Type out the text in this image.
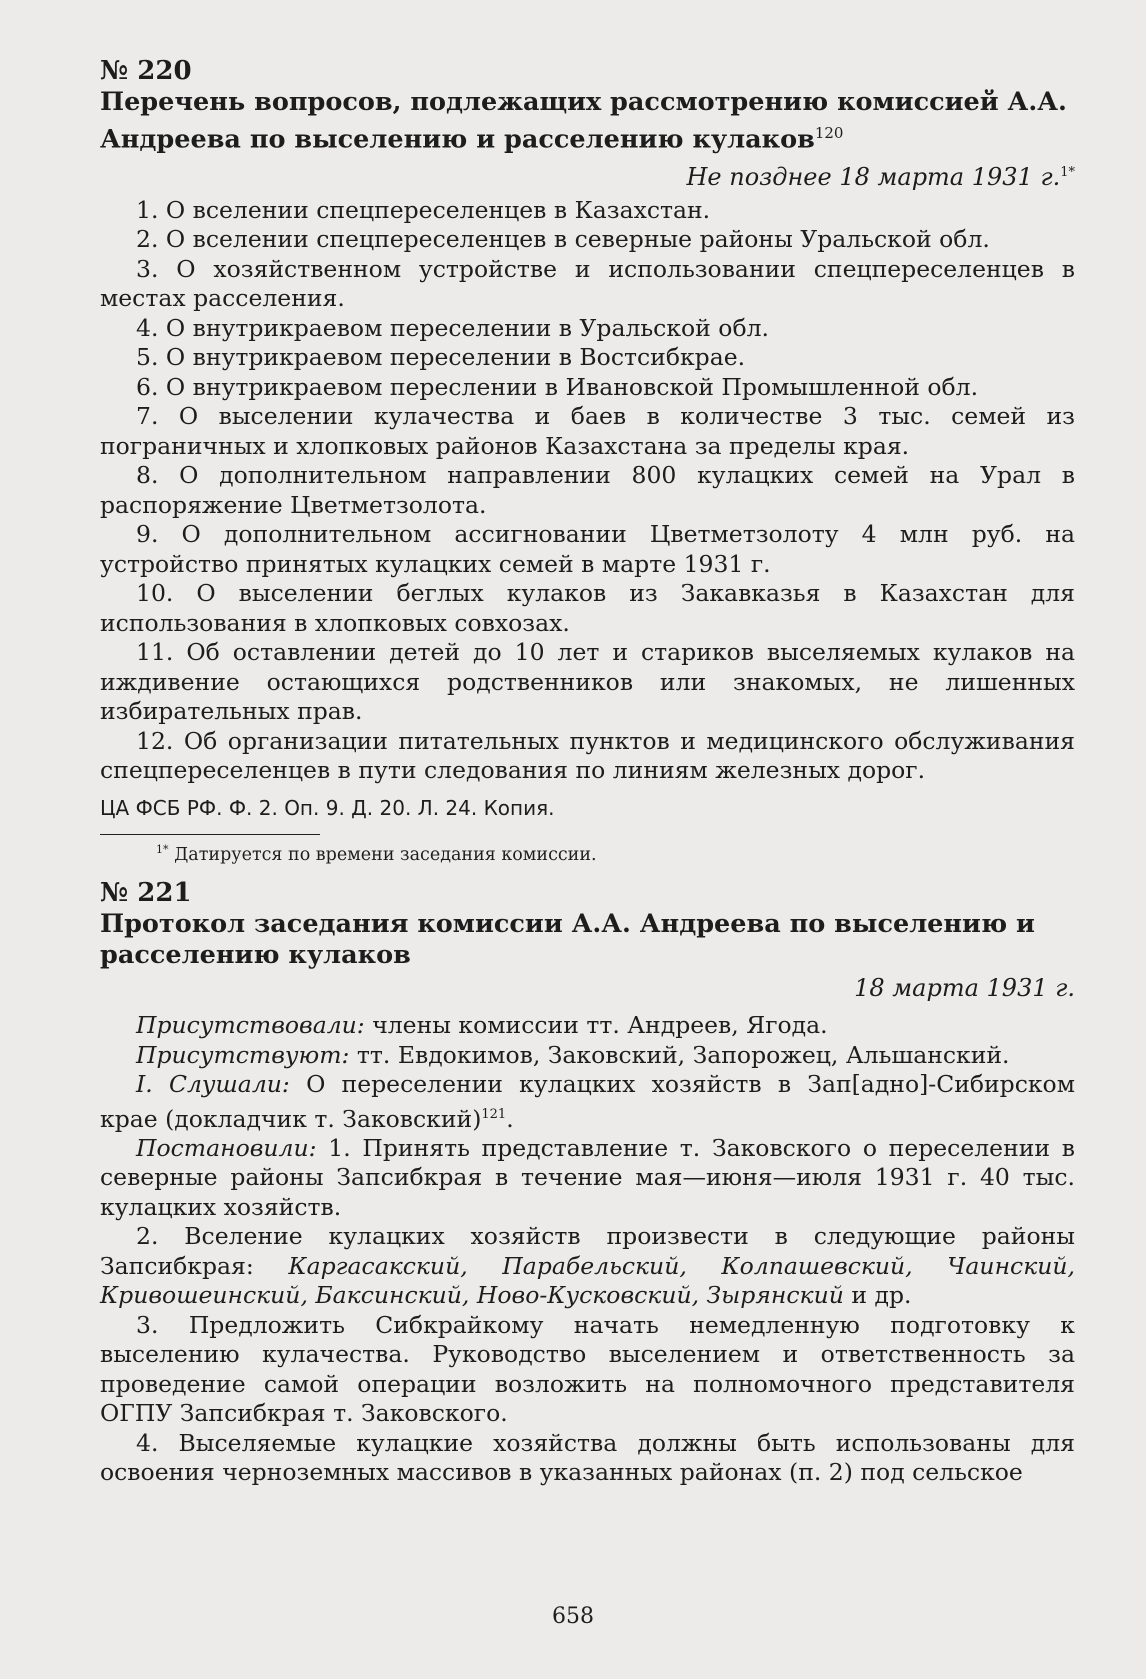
№ 220
Перечень вопросов, подлежащих рассмотрению комиссией А.А. Андреева по выселению и расселению кулаков$^{120}$
Не позднее 18 марта 1931 г.$^{1*}$

1. О вселении спецпереселенцев в Казахстан.

2. О вселении спецпереселенцев в северные районы Уральской обл.

3. О хозяйственном устройстве и использовании спецпереселенцев в местах расселения.

4. О внутрикраевом переселении в Уральской обл.

5. О внутрикраевом переселении в Востсибкрае.

6. О внутрикраевом переслении в Ивановской Промышленной обл.

7. О выселении кулачества и баев в количестве 3 тыс. семей из пограничных и хлопковых районов Казахстана за пределы края.

8. О дополнительном направлении 800 кулацких семей на Урал в распоряжение Цветметзолота.

9. О дополнительном ассигновании Цветметзолоту 4 млн руб. на устройство принятых кулацких семей в марте 1931 г.

10. О выселении беглых кулаков из Закавказья в Казахстан для использования в хлопковых совхозах.

11. Об оставлении детей до 10 лет и стариков выселяемых кулаков на иждивение остающихся родственников или знакомых, не лишенных избирательных прав.

12. Об организации питательных пунктов и медицинского обслуживания спецпереселенцев в пути следования по линиям железных дорог.

ЦА ФСБ РФ. Ф. 2. Оп. 9. Д. 20. Л. 24. Копия.
$^{1*}$ Датируется по времени заседания комиссии.
№ 221
Протокол заседания комиссии А.А. Андреева по выселению и расселению кулаков
18 марта 1931 г.

Присутствовали: члены комиссии тт. Андреев, Ягода.

Присутствуют: тт. Евдокимов, Заковский, Запорожец, Альшанский.

I. Слушали: О переселении кулацких хозяйств в Зап[адно]-Сибирском крае (докладчик т. Заковский)$^{121}$.

Постановили: 1. Принять представление т. Заковского о переселении в северные районы Запсибкрая в течение мая—июня—июля 1931 г. 40 тыс. кулацких хозяйств.

2. Вселение кулацких хозяйств произвести в следующие районы Запсибкрая: Каргасакский, Парабельский, Колпашевский, Чаинский, Кривошеинский, Баксинский, Ново-Кусковский, Зырянский и др.

3. Предложить Сибкрайкому начать немедленную подготовку к выселению кулачества. Руководство выселением и ответственность за проведение самой операции возложить на полномочного представителя ОГПУ Запсибкрая т. Заковского.

4. Выселяемые кулацкие хозяйства должны быть использованы для освоения черноземных массивов в указанных районах (п. 2) под сельское

658
